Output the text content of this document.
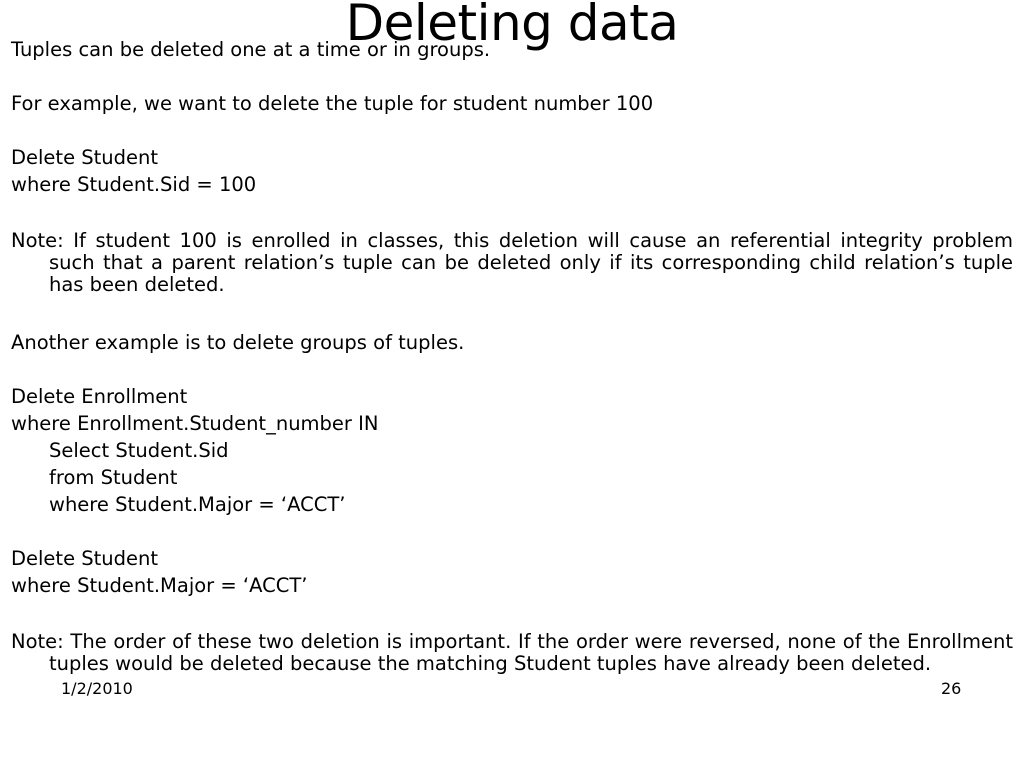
Deleting data

Tuples can be deleted one at a time or in groups.

For example, we want to delete the tuple for student number 100

Delete Student
where Student.Sid = 100

Note: If student 100 is enrolled in classes, this deletion will cause an referential integrity problem such that a parent relation’s tuple can be deleted only if its corresponding child relation’s tuple has been deleted.

Another example is to delete groups of tuples.

Delete Enrollment
where Enrollment.Student_number IN
Select Student.Sid
from Student
where Student.Major = ‘ACCT’
Delete Student
where Student.Major = ‘ACCT’

Note: The order of these two deletion is important. If the order were reversed, none of the Enrollment tuples would be deleted because the matching Student tuples have already been deleted.

1/2/2010	26
